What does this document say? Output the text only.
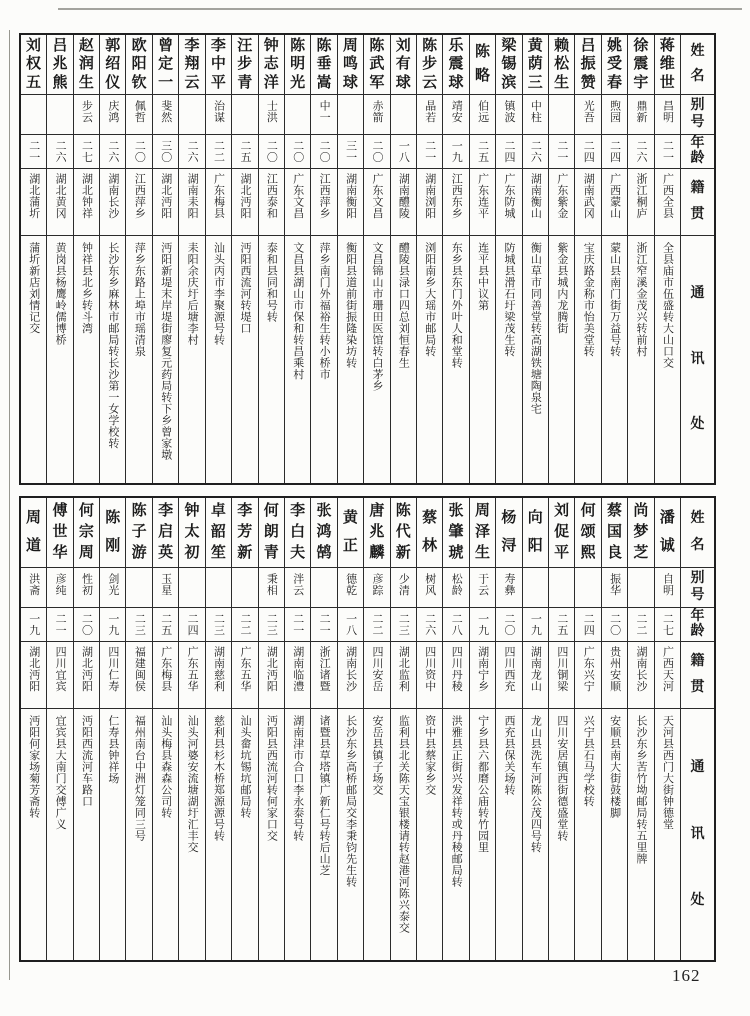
姓
名
别
号
年
龄
籍
贯
通
讯
处
蒋
维
世
昌明
二一
广西全县
全县庙市伍盛转大山口交
徐
震
宇
鼎新
二六
浙江桐庐
浙江窄溪金茂兴转前村
姚
受
春
煦园
二四
广西蒙山
蒙山县南门街万益号转
吕
振
赞
光吾
二四
湖南武冈
宝庆路金称市怡美堂转
赖
松
生
二一
广东紫金
紫金县城内龙腾街
黄
荫
三
中柱
二六
湖南衡山
衡山草市同善堂转高湖铁塘陶泉宅
梁
锡
滨
镇波
二四
广东防城
防城县滑石圩梁茂生转
陈
略
伯远
二五
广东连平
连平县中议第
乐
震
球
靖安
一九
江西东乡
东乡县东门外叶人和堂转
陈
步
云
晶若
二一
湖南浏阳
浏阳南乡大瑶市邮局转
刘
有
球
一八
湖南醴陵
醴陵县渌口四总刘恒春生
陈
武
军
赤箭
二〇
广东文昌
文昌锦山市珊田医馆转白茅乡
周
鸣
球
三一
湖南衡阳
衡阳县道前街振隆染坊转
陈
垂
嵩
中一
二〇
江西萍乡
萍乡南门外福裕生转小桥市
陈
明
光
二〇
广东文昌
文昌县湖山市保和转昌乘村
钟
志
洋
士洪
二〇
江西泰和
泰和县同和号转
汪
步
青
二五
湖北沔阳
沔阳西流河转堤口
李
中
平
治谋
二二
广东梅县
汕头丙市李聚源号转
李
翔
云
二六
湖南耒阳
耒阳余庆圩后塘李村
曾
定
一
斐然
三〇
湖北沔阳
沔阳新堤末岸堤街廖复元药局转下乡曾家墩
欧
阳
钦
佩哲
二〇
江西萍乡
萍乡东路上埠市瑶清泉
郭
绍
仪
庆鸿
二六
湖南长沙
长沙东乡麻林市邮局转长沙第一女学校转
赵
润
生
步云
二七
湖北钟祥
钟祥县北乡转斗湾
吕
兆
熊
二六
湖北黄冈
黄岗县杨鹰岭儒博桥
刘
权
五
二一
湖北蒲圻
蒲圻新店刘情记交
姓
名
别
号
年
龄
籍
贯
通
讯
处
潘
诚
自明
二七
广西天河
天河县西门大街钟德堂
尚
梦
芝
二二
湖南长沙
长沙东乡苦竹坳邮局转五里牌
蔡
国
良
振华
二〇
贵州安顺
安顺县南大街鼓楼脚
何
颂
熙
二四
广东兴宁
兴宁县石马学校转
刘
促
平
二五
四川铜梁
四川安居镇西街德盛堂转
向
阳
一九
湖南龙山
龙山县洗车河陈公茂四号转
杨
浔
寿彝
二〇
四川西充
西充县保关场转
周
泽
生
于云
一九
湖南宁乡
宁乡县六都磨公庙转竹园里
张
肇
琥
松龄
二八
四川丹稜
洪雅县正街兴发祥转或丹稜邮局转
蔡
林
树风
二六
四川资中
资中县蔡家乡交
陈
代
新
少清
二三
湖北监利
监利县北关陈天宝银楼请转赵港河陈兴泰交
唐
兆
麟
彦踪
二二
四川安岳
安岳县镇子场交
黄
正
德乾
一八
湖南长沙
长沙东乡高桥邮局交李秉钧先生转
张
鸿
鹄
二一
浙江诸暨
诸暨县草塔镇广新仁号转后山芝
李
白
夫
泮云
二一
湖南临澧
湖南津市合口李永泰号转
何
朗
青
秉相
二三
湖北沔阳
沔阳县西流河转何家口交
李
芳
新
二二
广东五华
汕头畲坑锡坑邮局转
卓
韶
笙
二三
湖南慈利
慈利县杉木桥郑源源号转
钟
太
初
二四
广东五华
汕头河婆安流塘湖圩汇丰交
李
启
英
玉星
二五
广东梅县
汕头梅县森森公司转
陈
子
游
二三
福建闽侯
福州南台中洲灯笼同三号
陈
刚
剑光
一九
四川仁寿
仁寿县钟祥场
何
宗
周
性初
二〇
湖北沔阳
沔阳西流河车路口
傅
世
华
彦纯
二一
四川宜宾
宜宾县大南门交傅广义
周
道
洪斋
一九
湖北沔阳
沔阳何家场菊芳斋转
162
